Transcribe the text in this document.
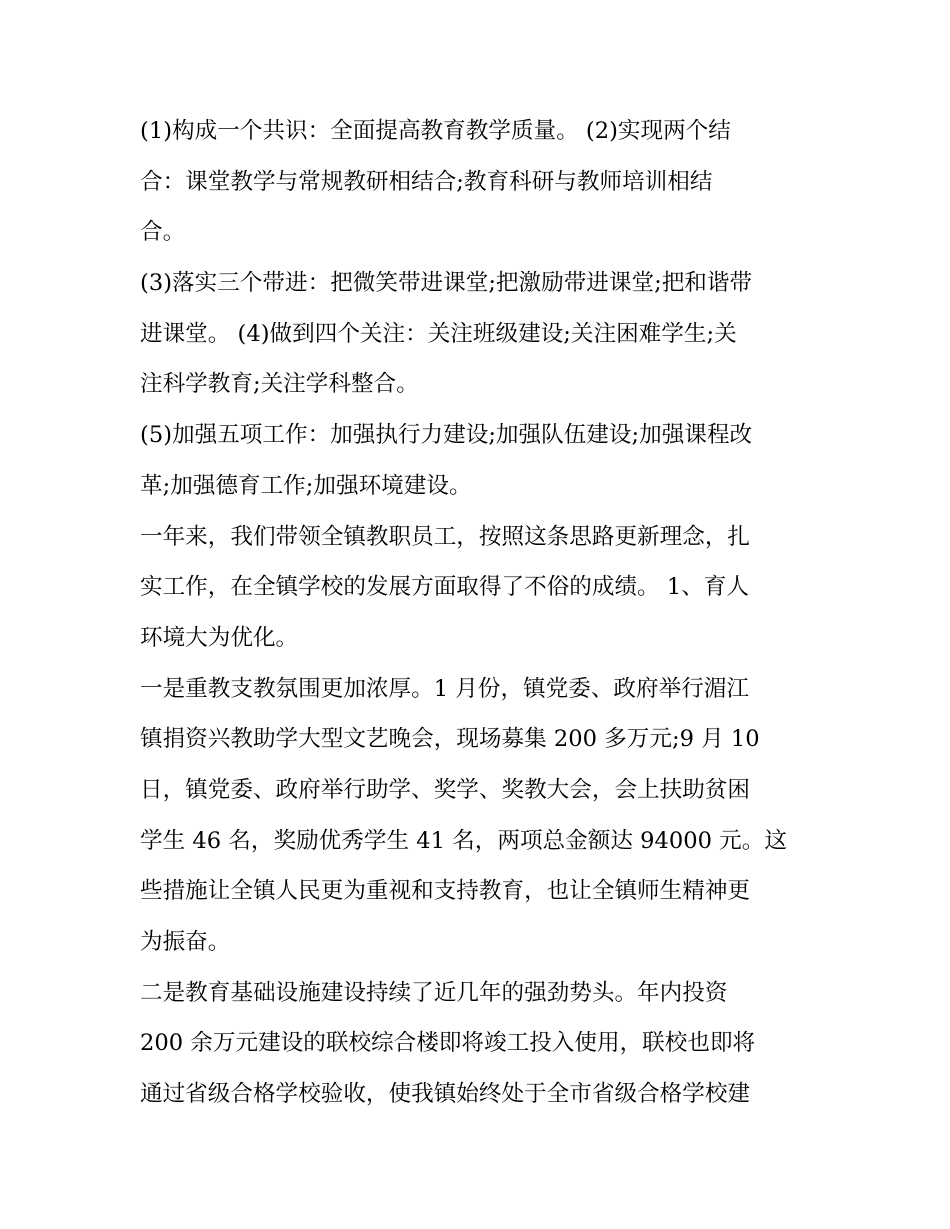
(1)构成一个共识：全面提高教育教学质量。 (2)实现两个结
合：课堂教学与常规教研相结合;教育科研与教师培训相结
合。
(3)落实三个带进：把微笑带进课堂;把激励带进课堂;把和谐带
进课堂。 (4)做到四个关注：关注班级建设;关注困难学生;关
注科学教育;关注学科整合。
(5)加强五项工作：加强执行力建设;加强队伍建设;加强课程改
革;加强德育工作;加强环境建设。
一年来，我们带领全镇教职员工，按照这条思路更新理念，扎
实工作，在全镇学校的发展方面取得了不俗的成绩。 1、育人
环境大为优化。
一是重教支教氛围更加浓厚。1 月份，镇党委、政府举行湄江
镇捐资兴教助学大型文艺晚会，现场募集 200 多万元;9 月 10
日，镇党委、政府举行助学、奖学、奖教大会，会上扶助贫困
学生 46 名，奖励优秀学生 41 名，两项总金额达 94000 元。这
些措施让全镇人民更为重视和支持教育，也让全镇师生精神更
为振奋。
二是教育基础设施建设持续了近几年的强劲势头。年内投资
200 余万元建设的联校综合楼即将竣工投入使用，联校也即将
通过省级合格学校验收，使我镇始终处于全市省级合格学校建
